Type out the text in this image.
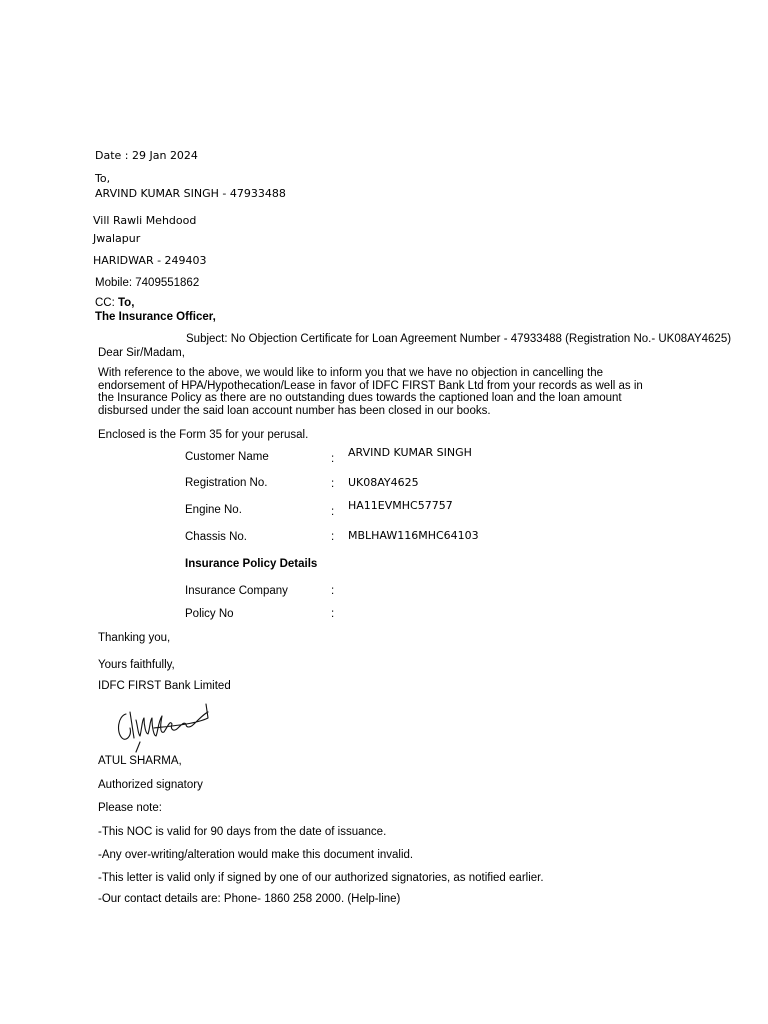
Date : 29 Jan 2024
To,
ARVIND KUMAR SINGH - 47933488
Vill Rawli Mehdood
Jwalapur
HARIDWAR - 249403
Mobile: 7409551862
CC: To,
The Insurance Officer,
Subject: No Objection Certificate for Loan Agreement Number - 47933488 (Registration No.- UK08AY4625)
Dear Sir/Madam,
With reference to the above, we would like to inform you that we have no objection in cancelling the
endorsement of HPA/Hypothecation/Lease in favor of IDFC FIRST Bank Ltd from your records as well as in
the Insurance Policy as there are no outstanding dues towards the captioned loan and the loan amount
disbursed under the said loan account number has been closed in our books.
Enclosed is the Form 35 for your perusal.
Customer Name	: ARVIND KUMAR SINGH
Registration No.	: UK08AY4625
Engine No.	: HA11EVMHC57757
Chassis No.	: MBLHAW116MHC64103
Insurance Policy Details
Insurance Company	:
Policy No	:
Thanking you,
Yours faithfully,
IDFC FIRST Bank Limited
ATUL SHARMA,
Authorized signatory
Please note:
-This NOC is valid for 90 days from the date of issuance.
-Any over-writing/alteration would make this document invalid.
-This letter is valid only if signed by one of our authorized signatories, as notified earlier.
-Our contact details are: Phone- 1860 258 2000. (Help-line)
